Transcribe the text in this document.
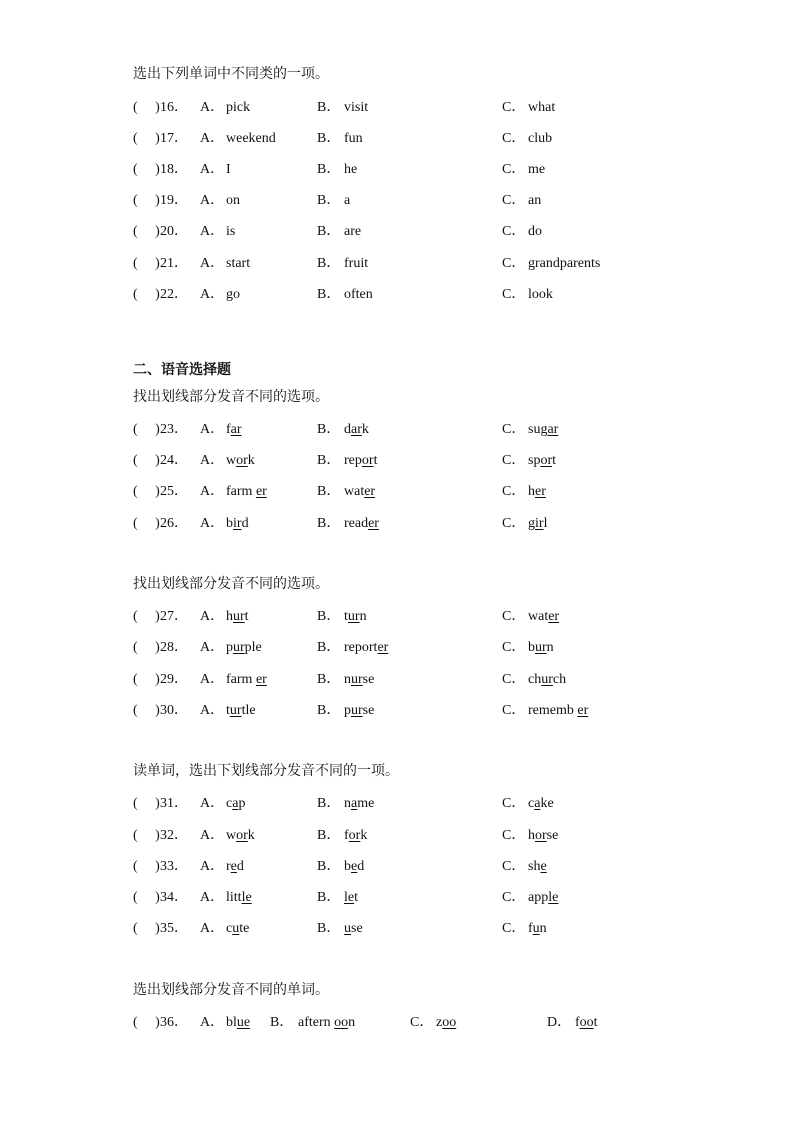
选出下列单词中不同类的一项。
二、语音选择题
找出划线部分发音不同的选项。
找出划线部分发音不同的选项。
读单词，选出下划线部分发音不同的一项。
选出划线部分发音不同的单词。
(　 ) 16． A． pick	B． visit	C． what
(　 ) 17． A． weekend	B． fun	C． club
(　 ) 18． A． I	B． he	C． me
(　 ) 19． A． on	B． a	C． an
(　 ) 20． A． is	B． are	C． do
(　 ) 21． A． start	B． fruit	C． grandparents
(　 ) 22． A． go	B． often	C． look
(　 ) 23． A． far	B． dark	C． sugar
(　 ) 24． A． work	B． report	C． sport
(　 ) 25． A． farm er	B． water	C． her
(　 ) 26． A． bird	B． reader	C． girl
(　 ) 27． A． hurt	B． turn	C． water
(　 ) 28． A． purple	B． reporter	C． burn
(　 ) 29． A． farm er	B． nurse	C． church
(　 ) 30． A． turtle	B． purse	C． rememb er
(　 ) 31． A． cap	B． name	C． cake
(　 ) 32． A． work	B． fork	C． horse
(　 ) 33． A． red	B． bed	C． she
(　 ) 34． A． little	B． let	C． apple
(　 ) 35． A． cute	B． use	C． fun
(　 ) 36． A． blue B． aftern oon	C． zoo	D． foot
